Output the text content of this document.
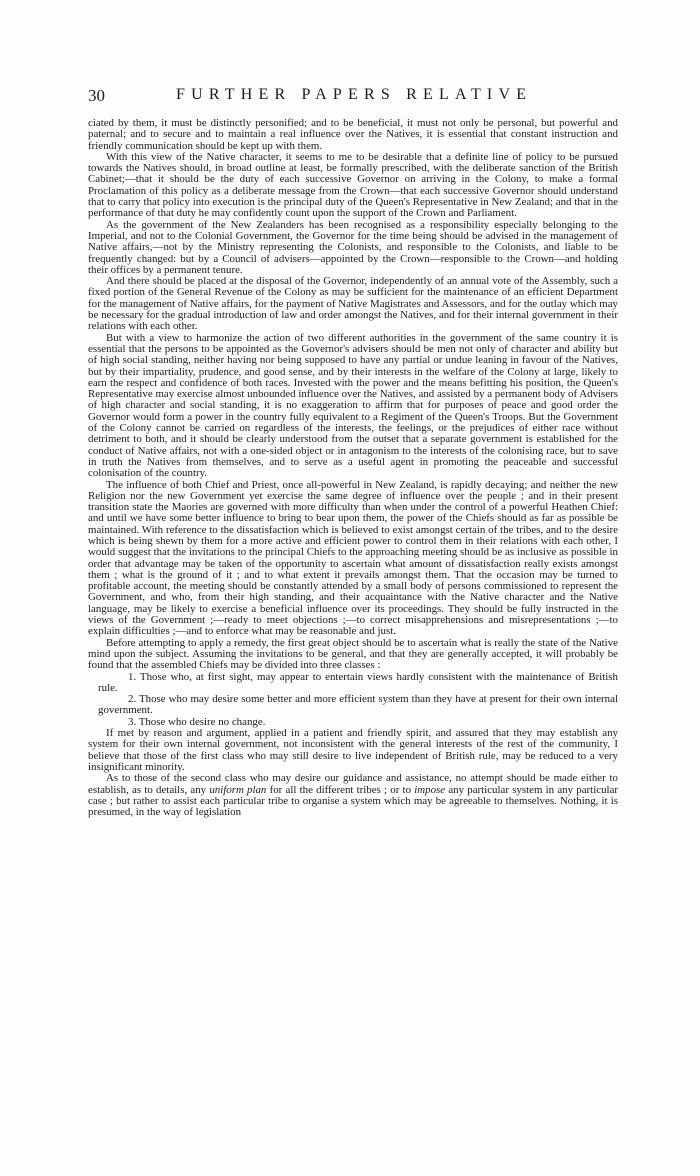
30	FURTHER PAPERS RELATIVE

ciated by them, it must be distinctly personified; and to be beneficial, it must not only be personal, but powerful and paternal; and to secure and to maintain a real influence over the Natives, it is essential that constant instruction and friendly communication should be kept up with them.

With this view of the Native character, it seems to me to be desirable that a definite line of policy to be pursued towards the Natives should, in broad outline at least, be formally prescribed, with the deliberate sanction of the British Cabinet;—that it should be the duty of each successive Governor on arriving in the Colony, to make a formal Proclamation of this policy as a deliberate message from the Crown—that each successive Governor should understand that to carry that policy into execution is the principal duty of the Queen's Representative in New Zealand; and that in the performance of that duty he may confidently count upon the support of the Crown and Parliament.

As the government of the New Zealanders has been recognised as a responsibility especially belonging to the Imperial, and not to the Colonial Government, the Governor for the time being should be advised in the management of Native affairs,—not by the Ministry representing the Colonists, and responsible to the Colonists, and liable to be frequently changed: but by a Council of advisers—appointed by the Crown—responsible to the Crown—and holding their offices by a permanent tenure.

And there should be placed at the disposal of the Governor, independently of an annual vote of the Assembly, such a fixed portion of the General Revenue of the Colony as may be sufficient for the maintenance of an efficient Department for the management of Native affairs, for the payment of Native Magistrates and Assessors, and for the outlay which may be necessary for the gradual introduction of law and order amongst the Natives, and for their internal government in their relations with each other.

But with a view to harmonize the action of two different authorities in the government of the same country it is essential that the persons to be appointed as the Governor's advisers should be men not only of character and ability but of high social standing, neither having nor being supposed to have any partial or undue leaning in favour of the Natives, but by their impartiality, prudence, and good sense, and by their interests in the welfare of the Colony at large, likely to earn the respect and confidence of both races. Invested with the power and the means befitting his position, the Queen's Representative may exercise almost unbounded influence over the Natives, and assisted by a permanent body of Advisers of high character and social standing, it is no exaggeration to affirm that for purposes of peace and good order the Governor would form a power in the country fully equivalent to a Regiment of the Queen's Troops. But the Government of the Colony cannot be carried on regardless of the interests, the feelings, or the prejudices of either race without detriment to both, and it should be clearly understood from the outset that a separate government is established for the conduct of Native affairs, not with a one-sided object or in antagonism to the interests of the colonising race, but to save in truth the Natives from themselves, and to serve as a useful agent in promoting the peaceable and successful colonisation of the country.

The influence of both Chief and Priest, once all-powerful in New Zealand, is rapidly decaying; and neither the new Religion nor the new Government yet exercise the same degree of influence over the people ; and in their present transition state the Maories are governed with more difficulty than when under the control of a powerful Heathen Chief: and until we have some better influence to bring to bear upon them, the power of the Chiefs should as far as possible be maintained. With reference to the dissatisfaction which is believed to exist amongst certain of the tribes, and to the desire which is being shewn by them for a more active and efficient power to control them in their relations with each other, I would suggest that the invitations to the principal Chiefs to the approaching meeting should be as inclusive as possible in order that advantage may be taken of the opportunity to ascertain what amount of dissatisfaction really exists amongst them ; what is the ground of it ; and to what extent it prevails amongst them. That the occasion may be turned to profitable account, the meeting should be constantly attended by a small body of persons commissioned to represent the Government, and who, from their high standing, and their acquaintance with the Native character and the Native language, may be likely to exercise a beneficial influence over its proceedings. They should be fully instructed in the views of the Government ;—ready to meet objections ;—to correct misapprehensions and misrepresentations ;—to explain difficulties ;—and to enforce what may be reasonable and just.

Before attempting to apply a remedy, the first great object should be to ascertain what is really the state of the Native mind upon the subject. Assuming the invitations to be general, and that they are generally accepted, it will probably be found that the assembled Chiefs may be divided into three classes :

1. Those who, at first sight, may appear to entertain views hardly consistent with the maintenance of British rule.

2. Those who may desire some better and more efficient system than they have at present for their own internal government.

3. Those who desire no change.

If met by reason and argument, applied in a patient and friendly spirit, and assured that they may establish any system for their own internal government, not inconsistent with the general interests of the rest of the community, I believe that those of the first class who may still desire to live independent of British rule, may be reduced to a very insignificant minority.

As to those of the second class who may desire our guidance and assistance, no attempt should be made either to establish, as to details, any uniform plan for all the different tribes ; or to impose any particular system in any particular case ; but rather to assist each particular tribe to organise a system which may be agreeable to themselves. Nothing, it is presumed, in the way of legislation
